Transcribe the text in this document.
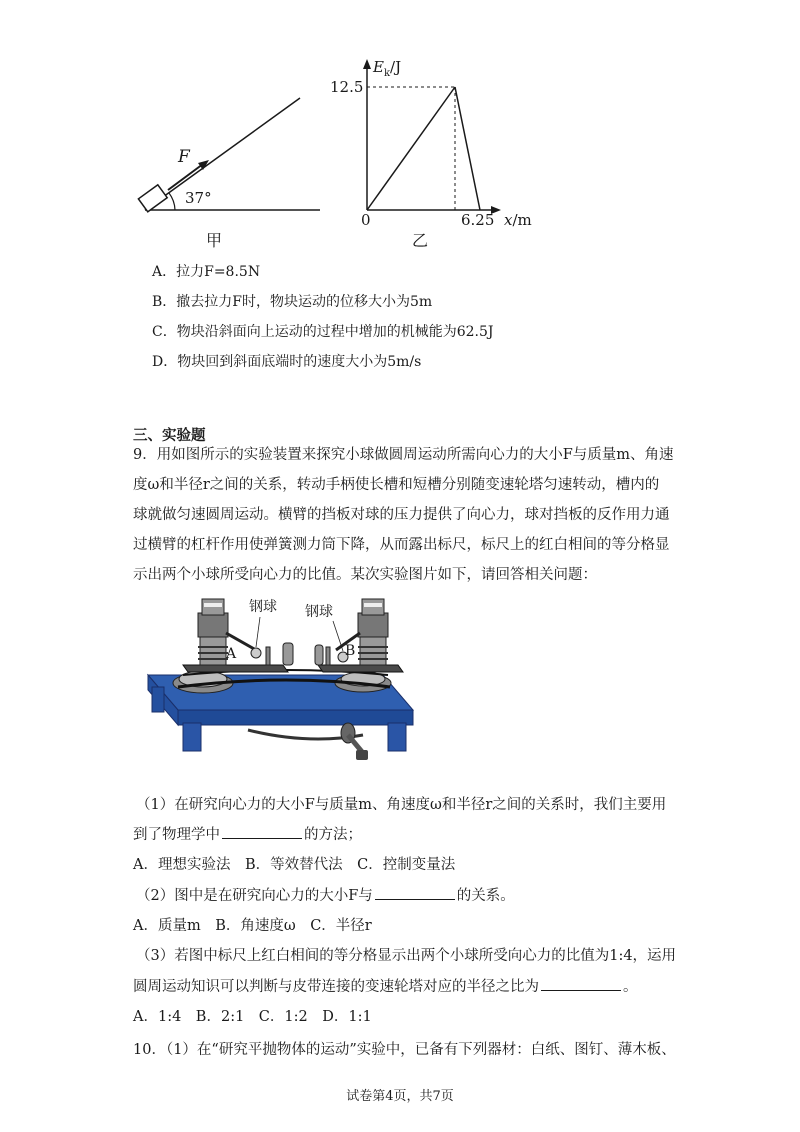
F
37°
甲
$E_k/J$
12.5
0	6.25 x/m
乙
A．拉力F=8.5N
B．撤去拉力F时，物块运动的位移大小为5m
C．物块沿斜面向上运动的过程中增加的机械能为62.5J
D．物块回到斜面底端时的速度大小为5m/s
三、实验题
9．用如图所示的实验装置来探究小球做圆周运动所需向心力的大小F与质量m、角速
度ω和半径r之间的关系，转动手柄使长槽和短槽分别随变速轮塔匀速转动，槽内的
球就做匀速圆周运动。横臂的挡板对球的压力提供了向心力，球对挡板的反作用力通
过横臂的杠杆作用使弹簧测力筒下降，从而露出标尺，标尺上的红白相间的等分格显
示出两个小球所受向心力的比值。某次实验图片如下，请回答相关问题：
钢球 钢球
A	B
（1）在研究向心力的大小F与质量m、角速度ω和半径r之间的关系时，我们主要用
到了物理学中	的方法；
A．理想实验法　B．等效替代法　C．控制变量法
（2）图中是在研究向心力的大小F与	的关系。
A．质量m　B．角速度ω　C．半径r
（3）若图中标尺上红白相间的等分格显示出两个小球所受向心力的比值为1:4，运用
圆周运动知识可以判断与皮带连接的变速轮塔对应的半径之比为	。
A．1:4　B．2:1　C．1:2　D．1:1
10．（1）在“研究平抛物体的运动”实验中，已备有下列器材：白纸、图钉、薄木板、
试卷第4页，共7页
